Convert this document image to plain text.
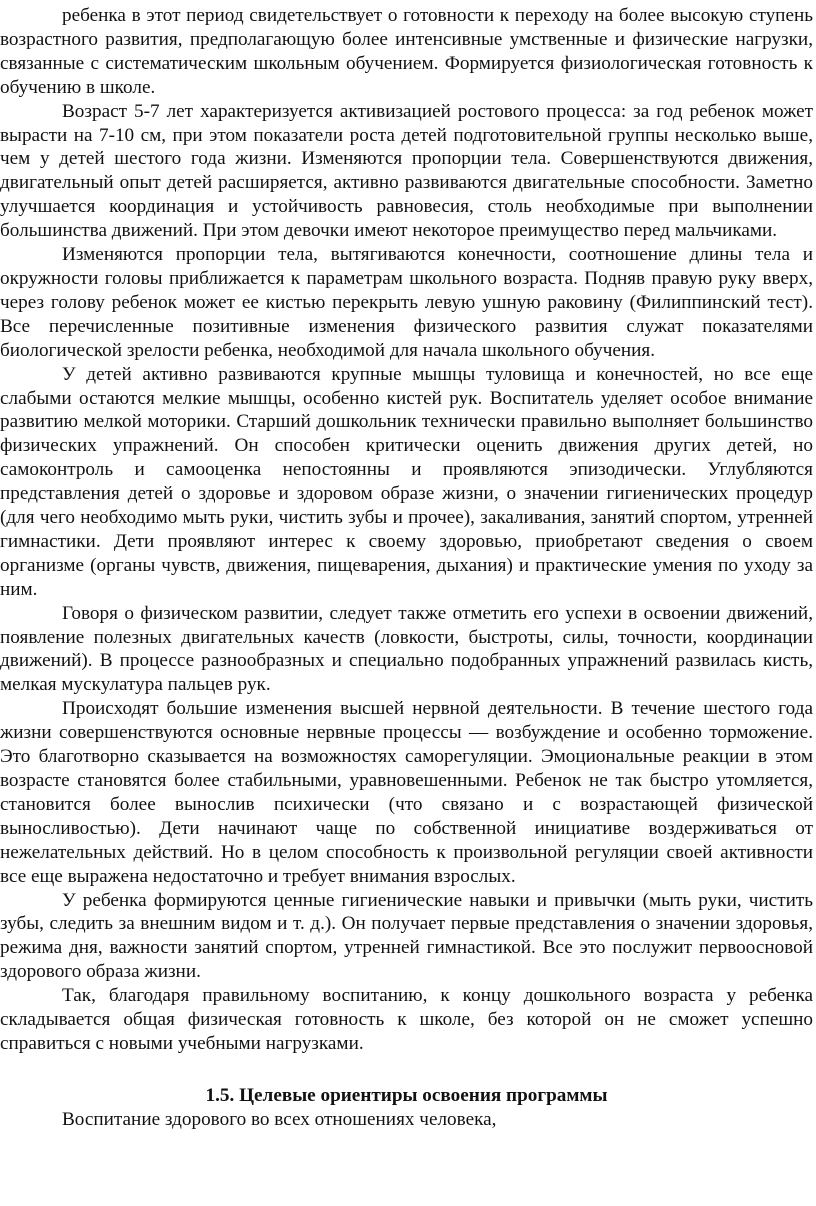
ребенка в этот период свидетельствует о готовности к переходу на более высокую ступень возрастного развития, предполагающую более интенсивные умственные и физические нагрузки, связанные с систематическим школьным обучением. Формируется физиологическая готовность к обучению в школе.

Возраст 5-7 лет характеризуется активизацией ростового процесса: за год ребенок может вырасти на 7-10 см, при этом показатели роста детей подготовительной группы несколько выше, чем у детей шестого года жизни. Изменяются пропорции тела. Совершенствуются движения, двигательный опыт детей расширяется, активно развиваются двигательные способности. Заметно улучшается координация и устойчивость равновесия, столь необходимые при выполнении большинства движений. При этом девочки имеют некоторое преимущество перед мальчиками.

Изменяются пропорции тела, вытягиваются конечности, соотношение длины тела и окружности головы приближается к параметрам школьного возраста. Подняв правую руку вверх, через голову ребенок может ее кистью перекрыть левую ушную раковину (Филиппинский тест). Все перечисленные позитивные изменения физического развития служат показателями биологической зрелости ребенка, необходимой для начала школьного обучения.

У детей активно развиваются крупные мышцы туловища и конечностей, но все еще слабыми остаются мелкие мышцы, особенно кистей рук. Воспитатель уделяет особое внимание развитию мелкой моторики. Старший дошкольник технически правильно выполняет большинство физических упражнений. Он способен критически оценить движения других детей, но самоконтроль и самооценка непостоянны и проявляются эпизодически. Углубляются представления детей о здоровье и здоровом образе жизни, о значении гигиенических процедур (для чего необходимо мыть руки, чистить зубы и прочее), закаливания, занятий спортом, утренней гимнастики. Дети проявляют интерес к своему здоровью, приобретают сведения о своем организме (органы чувств, движения, пищеварения, дыхания) и практические умения по уходу за ним.

Говоря о физическом развитии, следует также отметить его успехи в освоении движений, появление полезных двигательных качеств (ловкости, быстроты, силы, точности, координации движений). В процессе разнообразных и специально подобранных упражнений развилась кисть, мелкая мускулатура пальцев рук.

Происходят большие изменения высшей нервной деятельности. В течение шестого года жизни совершенствуются основные нервные процессы — возбуждение и особенно торможение. Это благотворно сказывается на возможностях саморегуляции. Эмоциональные реакции в этом возрасте становятся более стабильными, уравновешенными. Ребенок не так быстро утомляется, становится более вынослив психически (что связано и с возрастающей физической выносливостью). Дети начинают чаще по собственной инициативе воздерживаться от нежелательных действий. Но в целом способность к произвольной регуляции своей активности все еще выражена недостаточно и требует внимания взрослых.

У ребенка формируются ценные гигиенические навыки и привычки (мыть руки, чистить зубы, следить за внешним видом и т. д.). Он получает первые представления о значении здоровья, режима дня, важности занятий спортом, утренней гимнастикой. Все это послужит первоосновой здорового образа жизни.

Так, благодаря правильному воспитанию, к концу дошкольного возраста у ребенка складывается общая физическая готовность к школе, без которой он не сможет успешно справиться с новыми учебными нагрузками.

1.5. Целевые ориентиры освоения программы

Воспитание здорового во всех отношениях человека,
